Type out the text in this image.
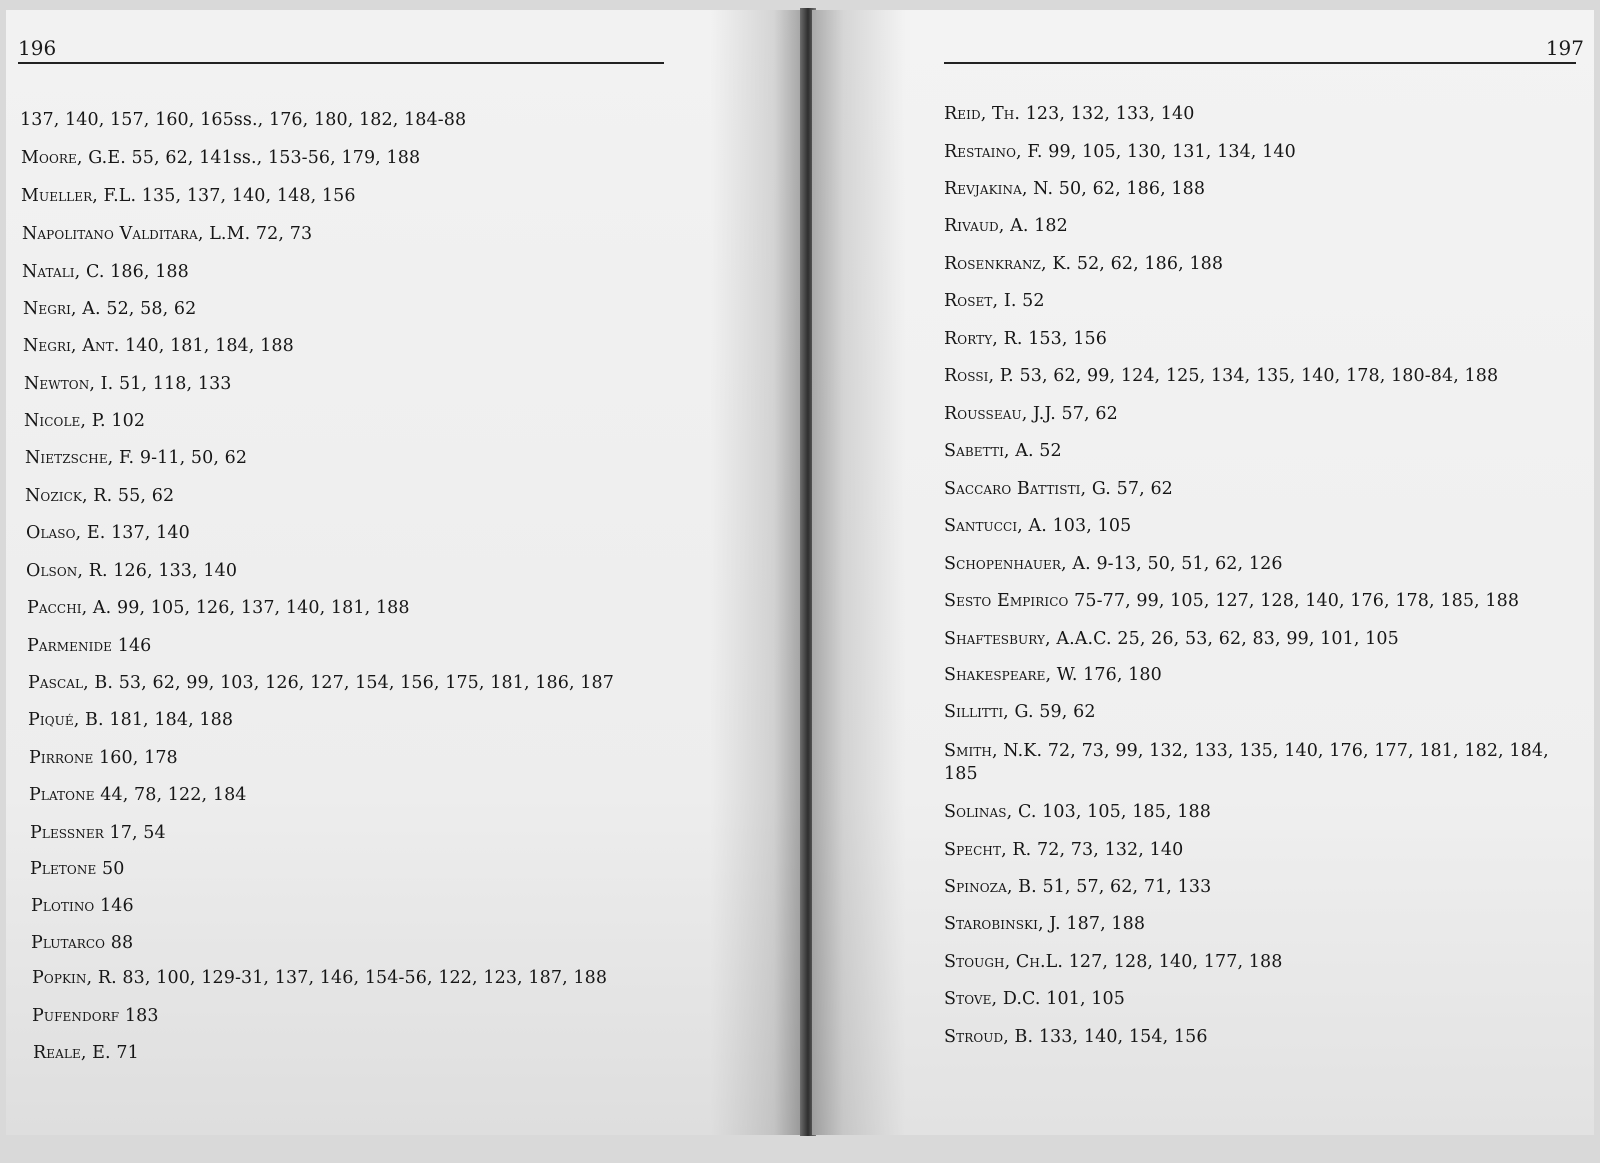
196
137, 140, 157, 160, 165ss., 176, 180, 182, 184-88
Moore, G.E. 55, 62, 141ss., 153-56, 179, 188
Mueller, F.L. 135, 137, 140, 148, 156
Napolitano Valditara, L.M. 72, 73
Natali, C. 186, 188
Negri, A. 52, 58, 62
Negri, Ant. 140, 181, 184, 188
Newton, I. 51, 118, 133
Nicole, P. 102
Nietzsche, F. 9-11, 50, 62
Nozick, R. 55, 62
Olaso, E. 137, 140
Olson, R. 126, 133, 140
Pacchi, A. 99, 105, 126, 137, 140, 181, 188
Parmenide 146
Pascal, B. 53, 62, 99, 103, 126, 127, 154, 156, 175, 181, 186, 187
Piqué, B. 181, 184, 188
Pirrone 160, 178
Platone 44, 78, 122, 184
Plessner 17, 54
Pletone 50
Plotino 146
Plutarco 88
Popkin, R. 83, 100, 129-31, 137, 146, 154-56, 122, 123, 187, 188
Pufendorf 183
Reale, E. 71
197
Reid, Th. 123, 132, 133, 140
Restaino, F. 99, 105, 130, 131, 134, 140
Revjakina, N. 50, 62, 186, 188
Rivaud, A. 182
Rosenkranz, K. 52, 62, 186, 188
Roset, I. 52
Rorty, R. 153, 156
Rossi, P. 53, 62, 99, 124, 125, 134, 135, 140, 178, 180-84, 188
Rousseau, J.J. 57, 62
Sabetti, A. 52
Saccaro Battisti, G. 57, 62
Santucci, A. 103, 105
Schopenhauer, A. 9-13, 50, 51, 62, 126
Sesto Empirico 75-77, 99, 105, 127, 128, 140, 176, 178, 185, 188
Shaftesbury, A.A.C. 25, 26, 53, 62, 83, 99, 101, 105
Shakespeare, W. 176, 180
Sillitti, G. 59, 62
Smith, N.K. 72, 73, 99, 132, 133, 135, 140, 176, 177, 181, 182, 184, 185
Solinas, C. 103, 105, 185, 188
Specht, R. 72, 73, 132, 140
Spinoza, B. 51, 57, 62, 71, 133
Starobinski, J. 187, 188
Stough, Ch.L. 127, 128, 140, 177, 188
Stove, D.C. 101, 105
Stroud, B. 133, 140, 154, 156
